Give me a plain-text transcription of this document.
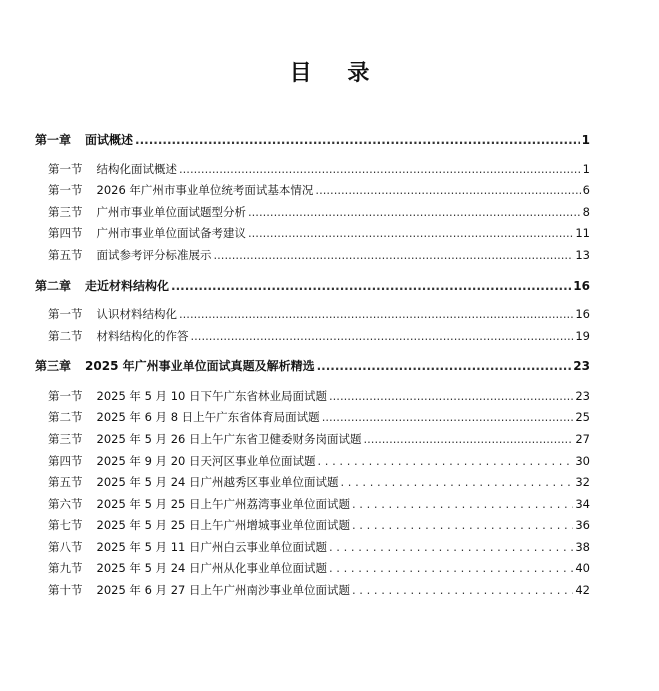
目 录
第一章 面试概述 .....	1
第一节 结构化面试概述 .....	1
第一节 2026 年广州市事业单位统考面试基本情况 .....	6
第三节 广州市事业单位面试题型分析 .....	8
第四节 广州市事业单位面试备考建议 .....	11
第五节 面试参考评分标准展示 .....	13
第二章 走近材料结构化 .....	16
第一节 认识材料结构化 .....	16
第二节 材料结构化的作答 .....	19
第三章 2025 年广州事业单位面试真题及解析精选 .....	23
第一节 2025 年 5 月 10 日下午广东省林业局面试题 .....	23
第二节 2025 年 6 月 8 日上午广东省体育局面试题 .....	25
第三节 2025 年 5 月 26 日上午广东省卫健委财务岗面试题 .....	27
第四节 2025 年 9 月 20 日天河区事业单位面试题 . . .	30
第五节 2025 年 5 月 24 日广州越秀区事业单位面试题 . . .	32
第六节 2025 年 5 月 25 日上午广州荔湾事业单位面试题 . . .	34
第七节 2025 年 5 月 25 日上午广州增城事业单位面试题 . . .	36
第八节 2025 年 5 月 11 日广州白云事业单位面试题 . . .	38
第九节 2025 年 5 月 24 日广州从化事业单位面试题 . . .	40
第十节 2025 年 6 月 27 日上午广州南沙事业单位面试题 . . .	42
